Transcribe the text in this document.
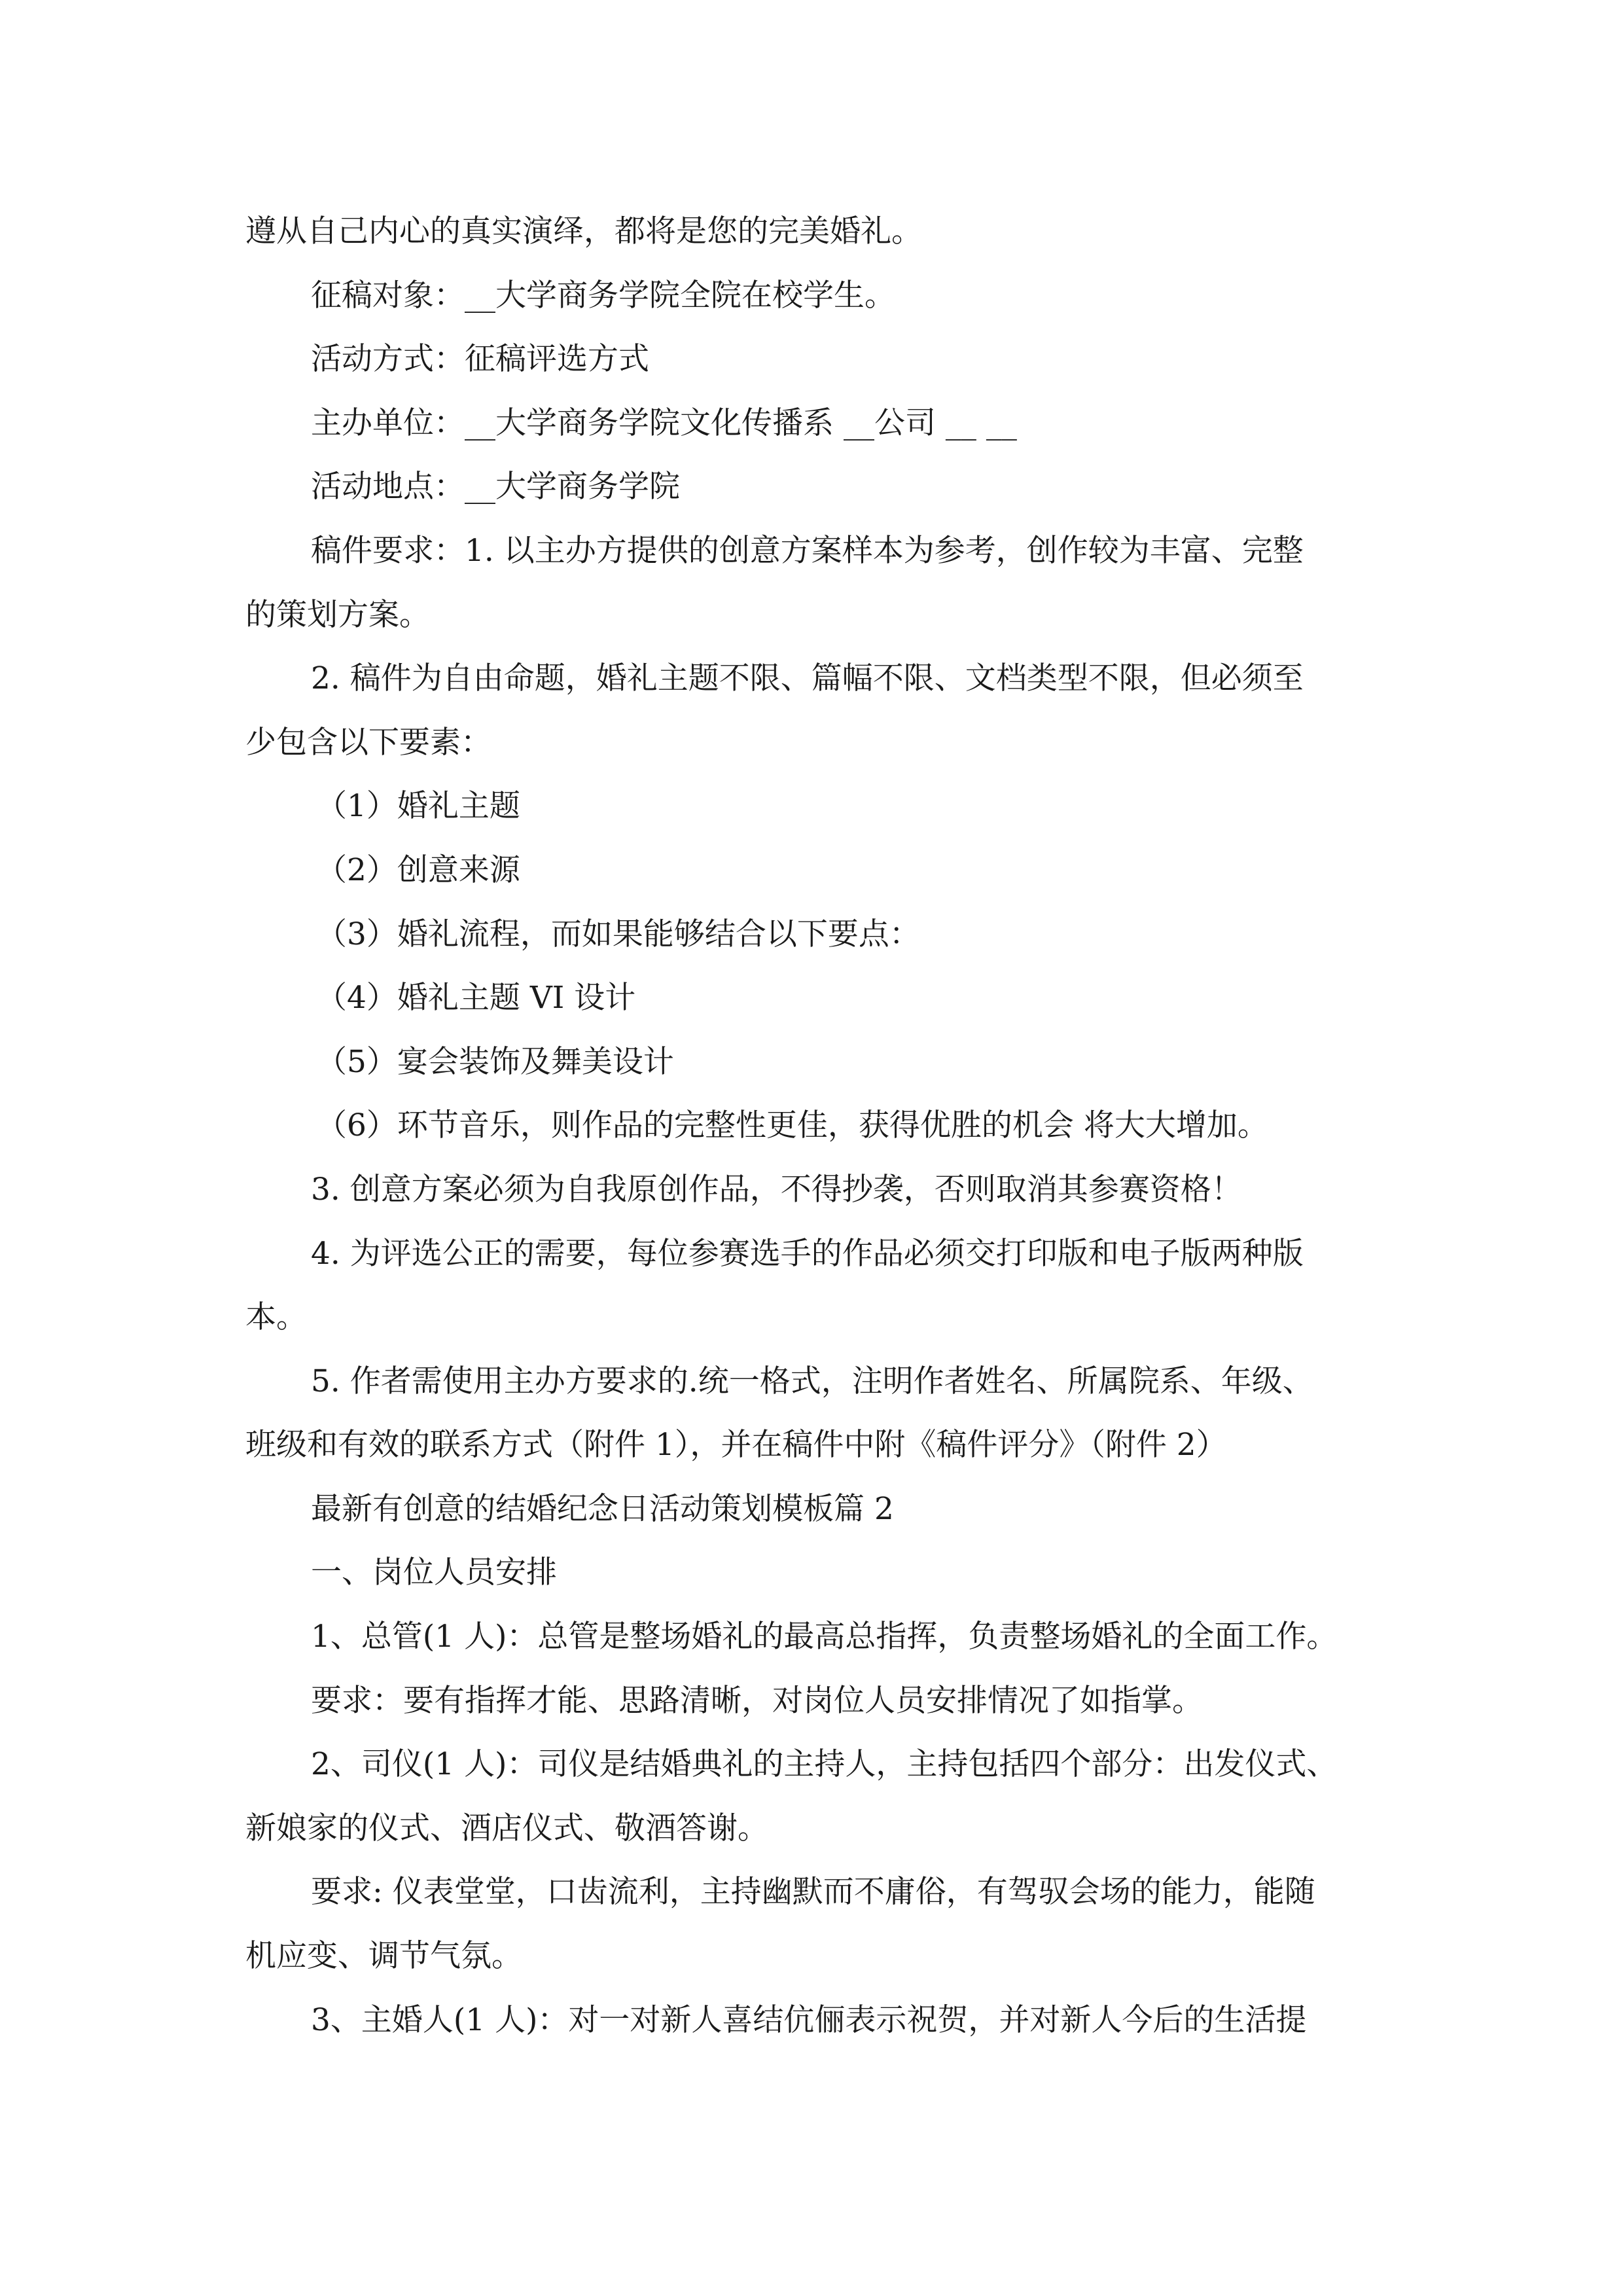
遵从自己内心的真实演绎，都将是您的完美婚礼。
征稿对象：__大学商务学院全院在校学生。
活动方式：征稿评选方式
主办单位：__大学商务学院文化传播系 __公司 __ __
活动地点：__大学商务学院
稿件要求：1. 以主办方提供的创意方案样本为参考，创作较为丰富、完整
的策划方案。
2. 稿件为自由命题，婚礼主题不限、篇幅不限、文档类型不限，但必须至
少包含以下要素：
（1）婚礼主题
（2）创意来源
（3）婚礼流程，而如果能够结合以下要点：
（4）婚礼主题 VI 设计
（5）宴会装饰及舞美设计
（6）环节音乐，则作品的完整性更佳，获得优胜的机会 将大大增加。
3. 创意方案必须为自我原创作品，不得抄袭，否则取消其参赛资格！
4. 为评选公正的需要，每位参赛选手的作品必须交打印版和电子版两种版
本。
5. 作者需使用主办方要求的.统一格式，注明作者姓名、所属院系、年级、
班级和有效的联系方式（附件 1），并在稿件中附《稿件评分》（附件 2）
最新有创意的结婚纪念日活动策划模板篇 2
一、岗位人员安排
1、总管(1 人)：总管是整场婚礼的最高总指挥，负责整场婚礼的全面工作。
要求：要有指挥才能、思路清晰，对岗位人员安排情况了如指掌。
2、司仪(1 人)：司仪是结婚典礼的主持人，主持包括四个部分：出发仪式、
新娘家的仪式、酒店仪式、敬酒答谢。
要求: 仪表堂堂，口齿流利，主持幽默而不庸俗，有驾驭会场的能力，能随
机应变、调节气氛。
3、主婚人(1 人)：对一对新人喜结伉俪表示祝贺，并对新人今后的生活提
